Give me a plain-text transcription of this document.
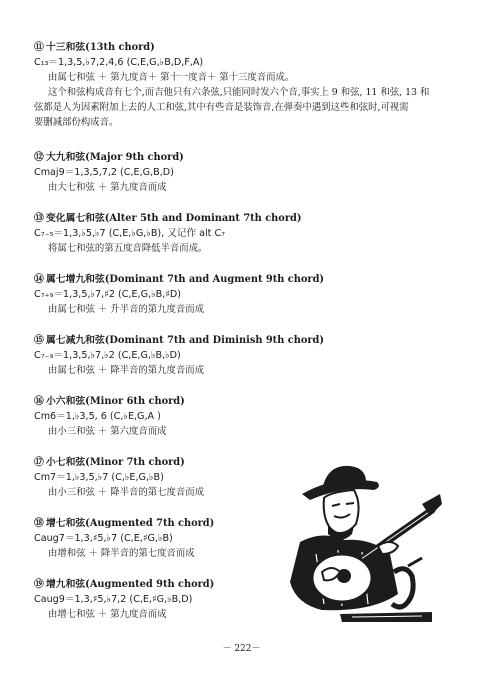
⑪ 十三和弦(13th chord)
C₁₃＝1,3,5,♭7,2,4,6 (C,E,G,♭B,D,F,A)
由属七和弦 ＋ 第九度音＋ 第十一度音＋ 第十三度音而成。
这个和弦构成音有七个,而吉他只有六条弦,只能同时发六个音,事实上 9 和弦, 11 和弦, 13 和
弦都是人为因素附加上去的人工和弦,其中有些音是装饰音,在弹奏中遇到这些和弦时,可视需
要删减部份构成音。
⑫ 大九和弦(Major 9th chord)
Cmaj9＝1,3,5,7,2 (C,E,G,B,D)
由大七和弦 ＋ 第九度音而成
⑬ 变化属七和弦(Alter 5th and Dominant 7th chord)
C₇₋₅＝1,3,♭5,♭7 (C,E,♭G,♭B), 又记作 alt C₇
将属七和弦的第五度音降低半音而成。
⑭ 属七增九和弦(Dominant 7th and Augment 9th chord)
C₇₊₉＝1,3,5,♭7,♯2 (C,E,G,♭B,♯D)
由属七和弦 ＋ 升半音的第九度音而成
⑮ 属七减九和弦(Dominant 7th and Diminish 9th chord)
C₇₋₉＝1,3,5,♭7,♭2 (C,E,G,♭B,♭D)
由属七和弦 ＋ 降半音的第九度音而成
⑯ 小六和弦(Minor 6th chord)
Cm6＝1,♭3,5, 6 (C,♭E,G,A )
由小三和弦 ＋ 第六度音而成
⑰ 小七和弦(Minor 7th chord)
Cm7＝1,♭3,5,♭7 (C,♭E,G,♭B)
由小三和弦 ＋ 降半音的第七度音而成
⑱ 增七和弦(Augmented 7th chord)
Caug7＝1,3,♯5,♭7 (C,E,♯G,♭B)
由增和弦 ＋ 降半音的第七度音而成
⑲ 增九和弦(Augmented 9th chord)
Caug9＝1,3,♯5,♭7,2 (C,E,♯G,♭B,D)
由增七和弦 ＋ 第九度音而成
－ 222－
